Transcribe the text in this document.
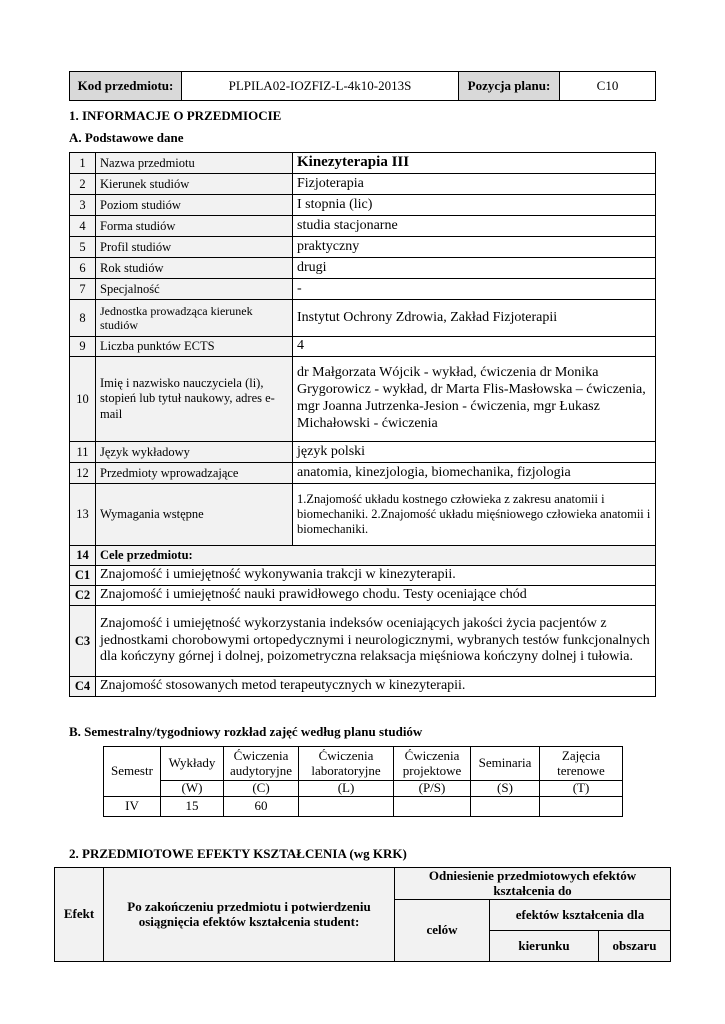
Kod przedmiotu:	PLPILA02-IOZFIZ-L-4k10-2013S	Pozycja planu:	C10
1. INFORMACJE O PRZEDMIOCIE
A. Podstawowe dane
1	Nazwa przedmiotu	Kinezyterapia III
2	Kierunek studiów	Fizjoterapia
3	Poziom studiów	I stopnia (lic)
4	Forma studiów	studia stacjonarne
5	Profil studiów	praktyczny
6	Rok studiów	drugi
7	Specjalność	-
8	Jednostka prowadząca kierunek studiów	Instytut Ochrony Zdrowia, Zakład Fizjoterapii
9	Liczba punktów ECTS	4
10	Imię i nazwisko nauczyciela (li), stopień lub tytuł naukowy, adres e-mail	dr Małgorzata Wójcik - wykład, ćwiczenia dr Monika Grygorowicz - wykład, dr Marta Flis-Masłowska – ćwiczenia, mgr Joanna Jutrzenka-Jesion - ćwiczenia, mgr Łukasz Michałowski - ćwiczenia
11	Język wykładowy	język polski
12	Przedmioty wprowadzające	anatomia, kinezjologia, biomechanika, fizjologia
13	Wymagania wstępne	1.Znajomość układu kostnego człowieka z zakresu anatomii i biomechaniki. 2.Znajomość układu mięśniowego człowieka anatomii i biomechaniki.
14	Cele przedmiotu:	
C1	Znajomość i umiejętność wykonywania trakcji w kinezyterapii.	
C2	Znajomość i umiejętność nauki prawidłowego chodu. Testy oceniające chód	
C3	Znajomość i umiejętność wykorzystania indeksów oceniających jakości życia pacjentów z jednostkami chorobowymi ortopedycznymi i neurologicznymi, wybranych testów funkcjonalnych dla kończyny górnej i dolnej, poizometryczna relaksacja mięśniowa kończyny dolnej i tułowia.	
C4	Znajomość stosowanych metod terapeutycznych w kinezyterapii.	
B. Semestralny/tygodniowy rozkład zajęć według planu studiów
Semestr	Wykłady	Ćwiczenia audytoryjne	Ćwiczenia laboratoryjne	Ćwiczenia projektowe	Seminaria	Zajęcia terenowe
	(W)	(C)	(L)	(P/S)	(S)	(T)
IV	15	60				
2. PRZEDMIOTOWE EFEKTY KSZTAŁCENIA (wg KRK)
Efekt	Po zakończeniu przedmiotu i potwierdzeniu osiągnięcia efektów kształcenia student:	Odniesienie przedmiotowych efektów kształcenia do		
		celów	efektów kształcenia dla	
			kierunku	obszaru
